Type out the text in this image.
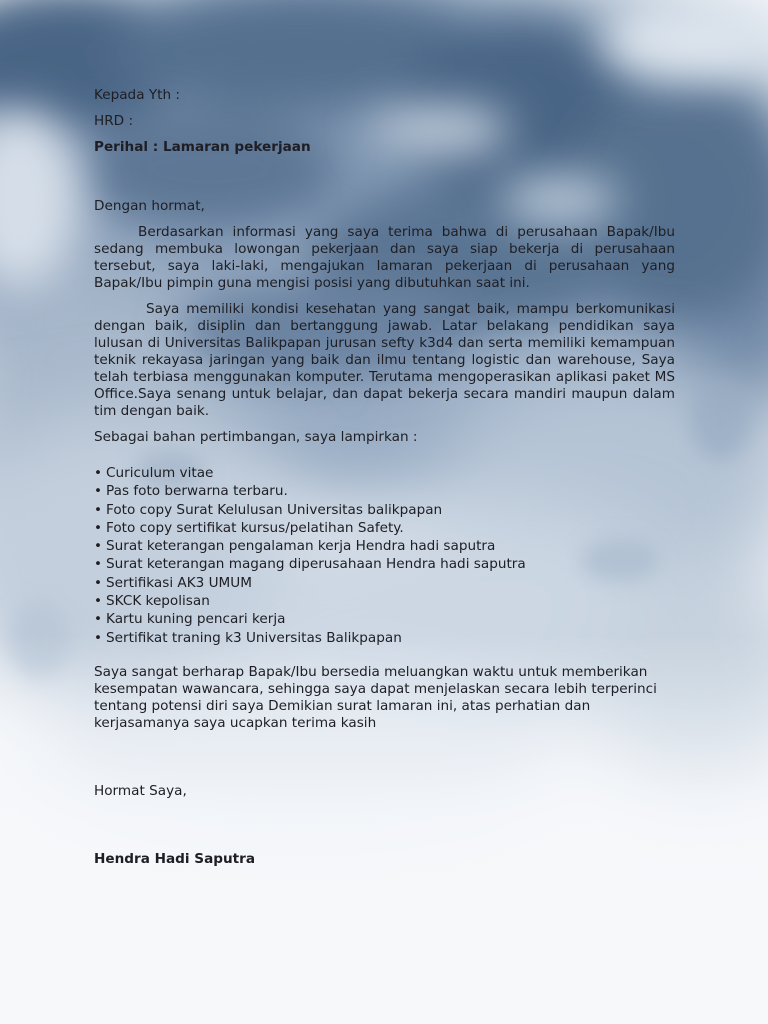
Kepada Yth :

HRD :

Perihal : Lamaran pekerjaan

Dengan hormat,

Berdasarkan informasi yang saya terima bahwa di perusahaan Bapak/Ibu sedang membuka lowongan pekerjaan dan saya siap bekerja di perusahaan tersebut, saya laki-laki, mengajukan lamaran pekerjaan di perusahaan yang Bapak/Ibu pimpin guna mengisi posisi yang dibutuhkan saat ini.

Saya memiliki kondisi kesehatan yang sangat baik, mampu berkomunikasi dengan baik, disiplin dan bertanggung jawab. Latar belakang pendidikan saya lulusan di Universitas Balikpapan jurusan sefty k3d4 dan serta memiliki kemampuan teknik rekayasa jaringan yang baik dan ilmu tentang logistic dan warehouse, Saya telah terbiasa menggunakan komputer. Terutama mengoperasikan aplikasi paket MS Office.Saya senang untuk belajar, dan dapat bekerja secara mandiri maupun dalam tim dengan baik.

Sebagai bahan pertimbangan, saya lampirkan :

• Curiculum vitae
• Pas foto berwarna terbaru.
• Foto copy Surat Kelulusan Universitas balikpapan
• Foto copy sertifikat kursus/pelatihan Safety.
• Surat keterangan pengalaman kerja Hendra hadi saputra
• Surat keterangan magang diperusahaan Hendra hadi saputra
• Sertifikasi AK3 UMUM
• SKCK kepolisan
• Kartu kuning pencari kerja
• Sertifikat traning k3 Universitas Balikpapan

Saya sangat berharap Bapak/Ibu bersedia meluangkan waktu untuk memberikan kesempatan wawancara, sehingga saya dapat menjelaskan secara lebih terperinci tentang potensi diri saya Demikian surat lamaran ini, atas perhatian dan kerjasamanya saya ucapkan terima kasih

Hormat Saya,

Hendra Hadi Saputra
